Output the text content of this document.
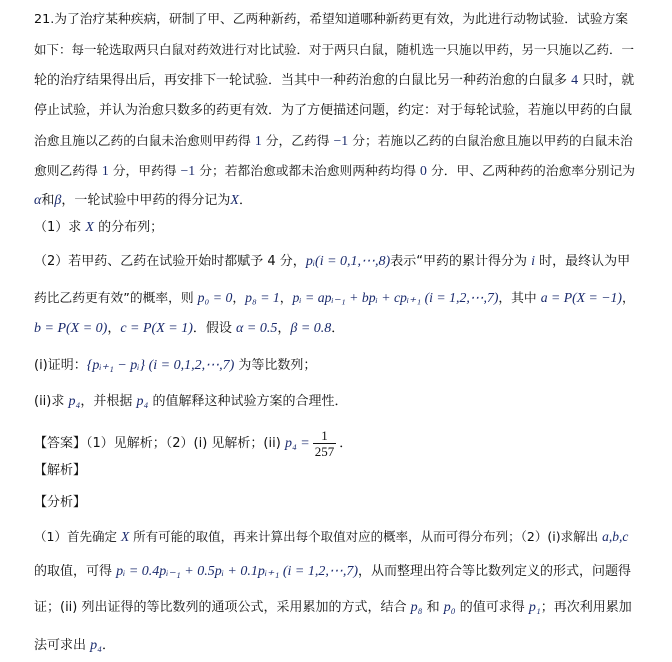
21.为了治疗某种疾病，研制了甲、乙两种新药，希望知道哪种新药更有效，为此进行动物试验．试验方案
如下：每一轮选取两只白鼠对药效进行对比试验．对于两只白鼠，随机选一只施以甲药，另一只施以乙药．一
轮的治疗结果得出后，再安排下一轮试验．当其中一种药治愈的白鼠比另一种药治愈的白鼠多 4 只时，就
停止试验，并认为治愈只数多的药更有效．为了方便描述问题，约定：对于每轮试验，若施以甲药的白鼠
治愈且施以乙药的白鼠未治愈则甲药得 1 分，乙药得 −1 分；若施以乙药的白鼠治愈且施以甲药的白鼠未治
愈则乙药得 1 分，甲药得 −1 分；若都治愈或都未治愈则两种药均得 0 分．甲、乙两种药的治愈率分别记为
α和β，一轮试验中甲药的得分记为X．
（1）求 X 的分布列；
（2）若甲药、乙药在试验开始时都赋予 4 分，pᵢ(i = 0,1,⋯,8)表示“甲药的累计得分为 i 时，最终认为甲
药比乙药更有效”的概率，则 p₀ = 0，p₈ = 1，pᵢ = apᵢ₋₁ + bpᵢ + cpᵢ₊₁ (i = 1,2,⋯,7)，其中 a = P(X = −1)，
b = P(X = 0)，c = P(X = 1)．假设 α = 0.5，β = 0.8．
(i)证明：{pᵢ₊₁ − pᵢ} (i = 0,1,2,⋯,7) 为等比数列；
(ii)求 p₄，并根据 p₄ 的值解释这种试验方案的合理性．
【答案】（1）见解析；（2）(i) 见解析；(ii) $p_4 = \frac{1}{257}$ ．
【解析】
【分析】
（1）首先确定 X 所有可能的取值，再来计算出每个取值对应的概率，从而可得分布列；（2）(i)求解出 a,b,c
的取值，可得 pᵢ = 0.4pᵢ₋₁ + 0.5pᵢ + 0.1pᵢ₊₁ (i = 1,2,⋯,7)，从而整理出符合等比数列定义的形式，问题得
证；(ii) 列出证得的等比数列的通项公式，采用累加的方式，结合 p₈ 和 p₀ 的值可求得 p₁；再次利用累加
法可求出 p₄．
